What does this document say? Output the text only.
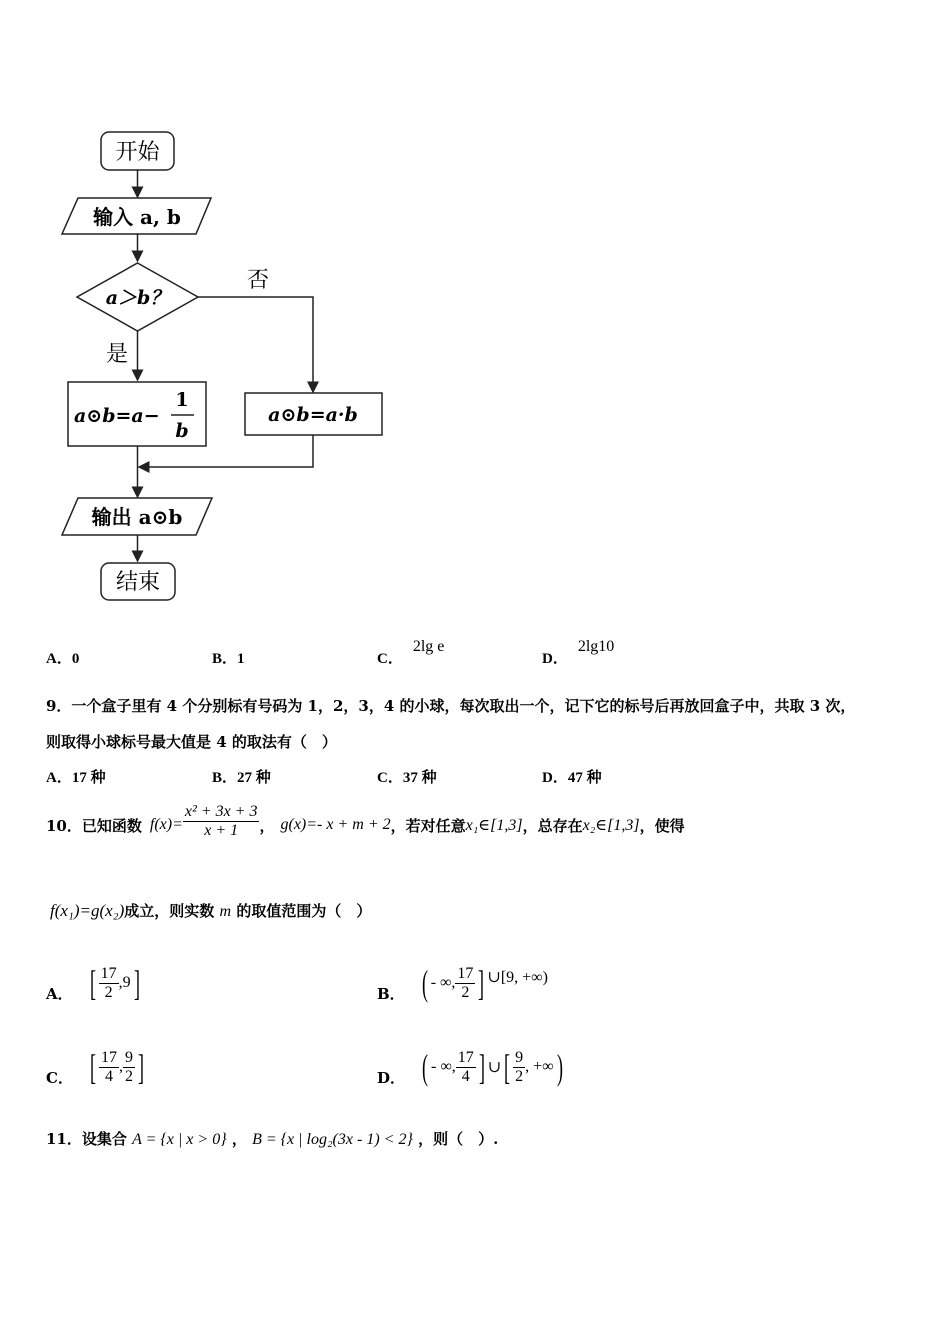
开始
输入 a, b
a＞b？
否
是
a⊙b=a−
1
b
a⊙b=a·b
输出 a⊙b
结束
A．0	B．1	C．2lg e
D．2lg10
9．一个盒子里有 4 个分别标有号码为 1，2，3，4 的小球，每次取出一个，记下它的标号后再放回盒子中，共取 3 次，
则取得小球标号最大值是 4 的取法有（　）
A．17 种	B．27 种	C．37 种	D．47 种
10．已知函数 $f(x)= \frac{\text{x² + 3x + 3}}{x + 1}$ ， g(x)=- x + m + 2 ，若对任意 x₁∈[1,3] ，总存在 x₂∈[1,3] ，使得
f(x₁)=g(x₂)成立，则实数 m 的取值范围为（　）
A． [ $\frac{17}{2} ,9$ ]	B． ( - ∞, $\frac{17}{2}$ ] ∪[9, +∞)
C． [ $\frac{17}{4}$ , $\frac{9}{2}$ ]	D． ( - ∞, $\frac{17}{4}$ ] ∪ [ $\frac{9}{2}$ , +∞ )
11．设集合 A = {x | x > 0} ， B = {x | log₂(3x - 1) < 2} ，则（　）.
